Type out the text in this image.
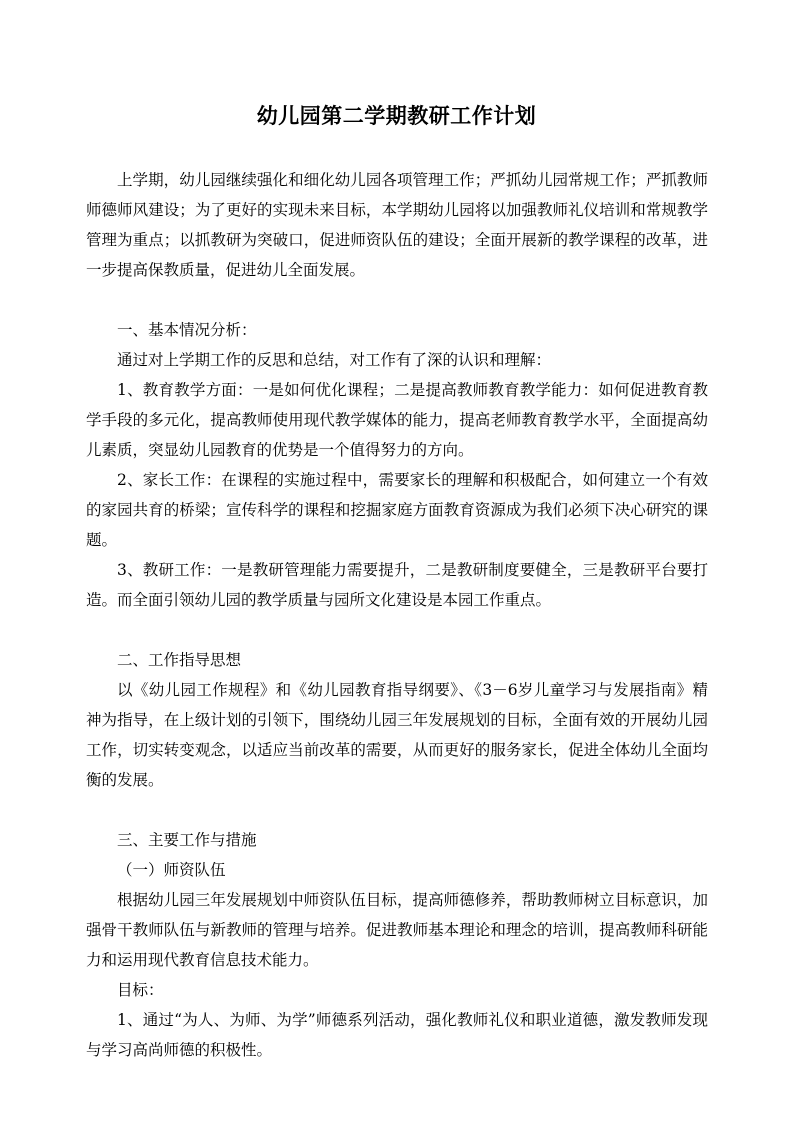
幼儿园第二学期教研工作计划

上学期，幼儿园继续强化和细化幼儿园各项管理工作；严抓幼儿园常规工作；严抓教师师德师风建设；为了更好的实现未来目标，本学期幼儿园将以加强教师礼仪培训和常规教学管理为重点；以抓教研为突破口，促进师资队伍的建设；全面开展新的教学课程的改革，进一步提高保教质量，促进幼儿全面发展。

一、基本情况分析：

通过对上学期工作的反思和总结，对工作有了深的认识和理解：

1、教育教学方面：一是如何优化课程；二是提高教师教育教学能力：如何促进教育教学手段的多元化，提高教师使用现代教学媒体的能力，提高老师教育教学水平，全面提高幼儿素质，突显幼儿园教育的优势是一个值得努力的方向。

2、家长工作：在课程的实施过程中，需要家长的理解和积极配合，如何建立一个有效的家园共育的桥梁；宣传科学的课程和挖掘家庭方面教育资源成为我们必须下决心研究的课题。

3、教研工作：一是教研管理能力需要提升，二是教研制度要健全，三是教研平台要打造。而全面引领幼儿园的教学质量与园所文化建设是本园工作重点。

二、工作指导思想

以《幼儿园工作规程》和《幼儿园教育指导纲要》、《3－6岁儿童学习与发展指南》精神为指导，在上级计划的引领下，围绕幼儿园三年发展规划的目标，全面有效的开展幼儿园工作，切实转变观念，以适应当前改革的需要，从而更好的服务家长，促进全体幼儿全面均衡的发展。

三、主要工作与措施

（一）师资队伍

根据幼儿园三年发展规划中师资队伍目标，提高师德修养，帮助教师树立目标意识，加强骨干教师队伍与新教师的管理与培养。促进教师基本理论和理念的培训，提高教师科研能力和运用现代教育信息技术能力。

目标：

1、通过“为人、为师、为学”师德系列活动，强化教师礼仪和职业道德，激发教师发现与学习高尚师德的积极性。
